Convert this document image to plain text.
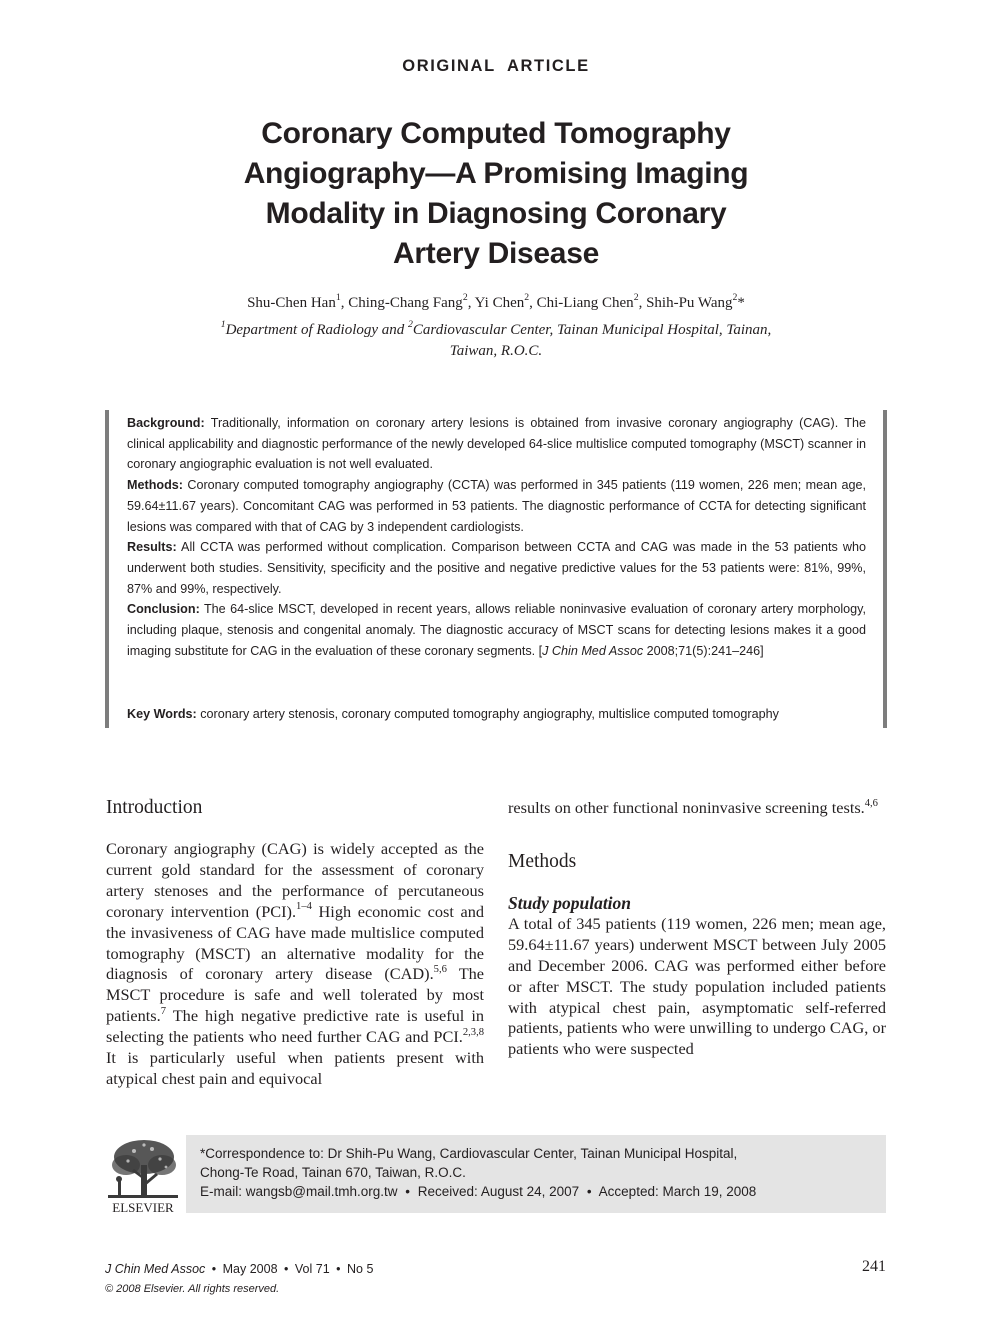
ORIGINAL ARTICLE
Coronary Computed Tomography
Angiography—A Promising Imaging
Modality in Diagnosing Coronary
Artery Disease
Shu-Chen Han$^1$, Ching-Chang Fang$^2$, Yi Chen$^2$, Chi-Liang Chen$^2$, Shih-Pu Wang$^2$*
$^1$Department of Radiology and $^2$Cardiovascular Center, Tainan Municipal Hospital, Tainan,
Taiwan, R.O.C.

Background: Traditionally, information on coronary artery lesions is obtained from invasive coronary angiography (CAG). The clinical applicability and diagnostic performance of the newly developed 64-slice multislice computed tomography (MSCT) scanner in coronary angiographic evaluation is not well evaluated.

Methods: Coronary computed tomography angiography (CCTA) was performed in 345 patients (119 women, 226 men; mean age, 59.64±11.67 years). Concomitant CAG was performed in 53 patients. The diagnostic performance of CCTA for detecting significant lesions was compared with that of CAG by 3 independent cardiologists.

Results: All CCTA was performed without complication. Comparison between CCTA and CAG was made in the 53 patients who underwent both studies. Sensitivity, specificity and the positive and negative predictive values for the 53 patients were: 81%, 99%, 87% and 99%, respectively.

Conclusion: The 64-slice MSCT, developed in recent years, allows reliable noninvasive evaluation of coronary artery morphology, including plaque, stenosis and congenital anomaly. The diagnostic accuracy of MSCT scans for detecting lesions makes it a good imaging substitute for CAG in the evaluation of these coronary segments. [J Chin Med Assoc 2008;71(5):241–246]

Key Words: coronary artery stenosis, coronary computed tomography angiography, multislice computed tomography
Introduction

Coronary angiography (CAG) is widely accepted as the current gold standard for the assessment of coronary artery stenoses and the performance of percutaneous coronary intervention (PCI).$^{1-4}$ High economic cost and the invasiveness of CAG have made multislice computed tomography (MSCT) an alternative modality for the diagnosis of coronary artery disease (CAD).$^{5,6}$ The MSCT procedure is safe and well tolerated by most patients.$^7$ The high negative predictive rate is useful in selecting the patients who need further CAG and PCI.$^{2,3,8}$ It is particularly useful when patients present with atypical chest pain and equivocal

results on other functional noninvasive screening tests.$^{4,6}$

Methods
Study population

A total of 345 patients (119 women, 226 men; mean age, 59.64±11.67 years) underwent MSCT between July 2005 and December 2006. CAG was performed either before or after MSCT. The study population included patients with atypical chest pain, asymptomatic self-referred patients, patients who were unwilling to undergo CAG, or patients who were suspected

ELSEVIER
*Correspondence to: Dr Shih-Pu Wang, Cardiovascular Center, Tainan Municipal Hospital,
Chong-Te Road, Tainan 670, Taiwan, R.O.C.
E-mail: wangsb@mail.tmh.org.tw • Received: August 24, 2007 • Accepted: March 19, 2008
J Chin Med Assoc • May 2008 • Vol 71 • No 5
© 2008 Elsevier. All rights reserved.
241
